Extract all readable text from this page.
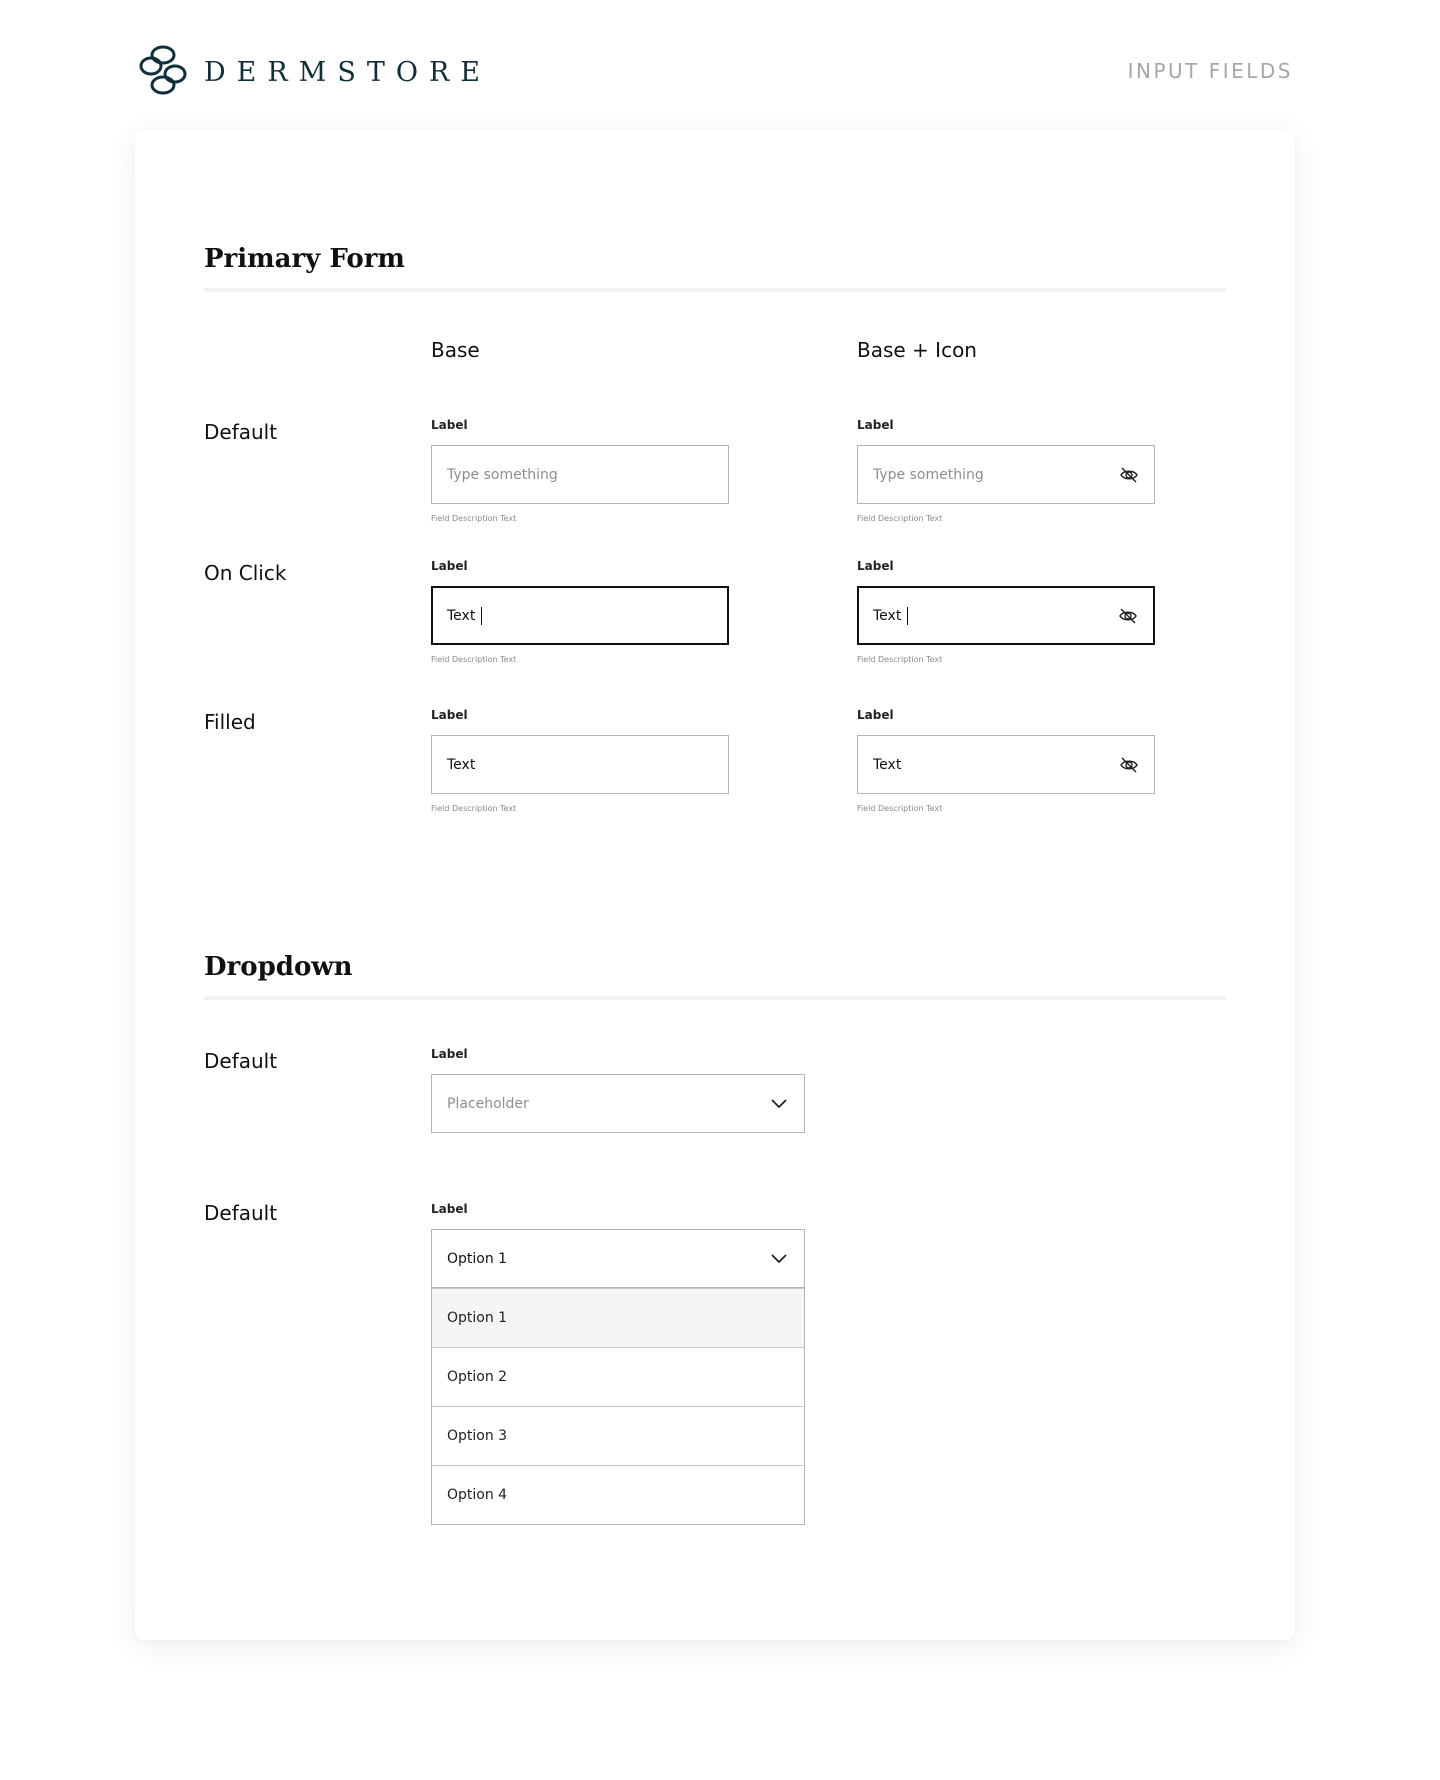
DERMSTORE	INPUT FIELDS
Primary Form
Base	Base + Icon
Default	Label
Type something
Field Description Text
Label
Type something
Field Description Text
On Click	Label
Text
Field Description Text
Label
Text
Field Description Text
Filled	Label
Text
Field Description Text
Label
Text
Field Description Text
Dropdown
Default	Label
Placeholder
Default	Label
Option 1
Option 1
Option 2
Option 3
Option 4
